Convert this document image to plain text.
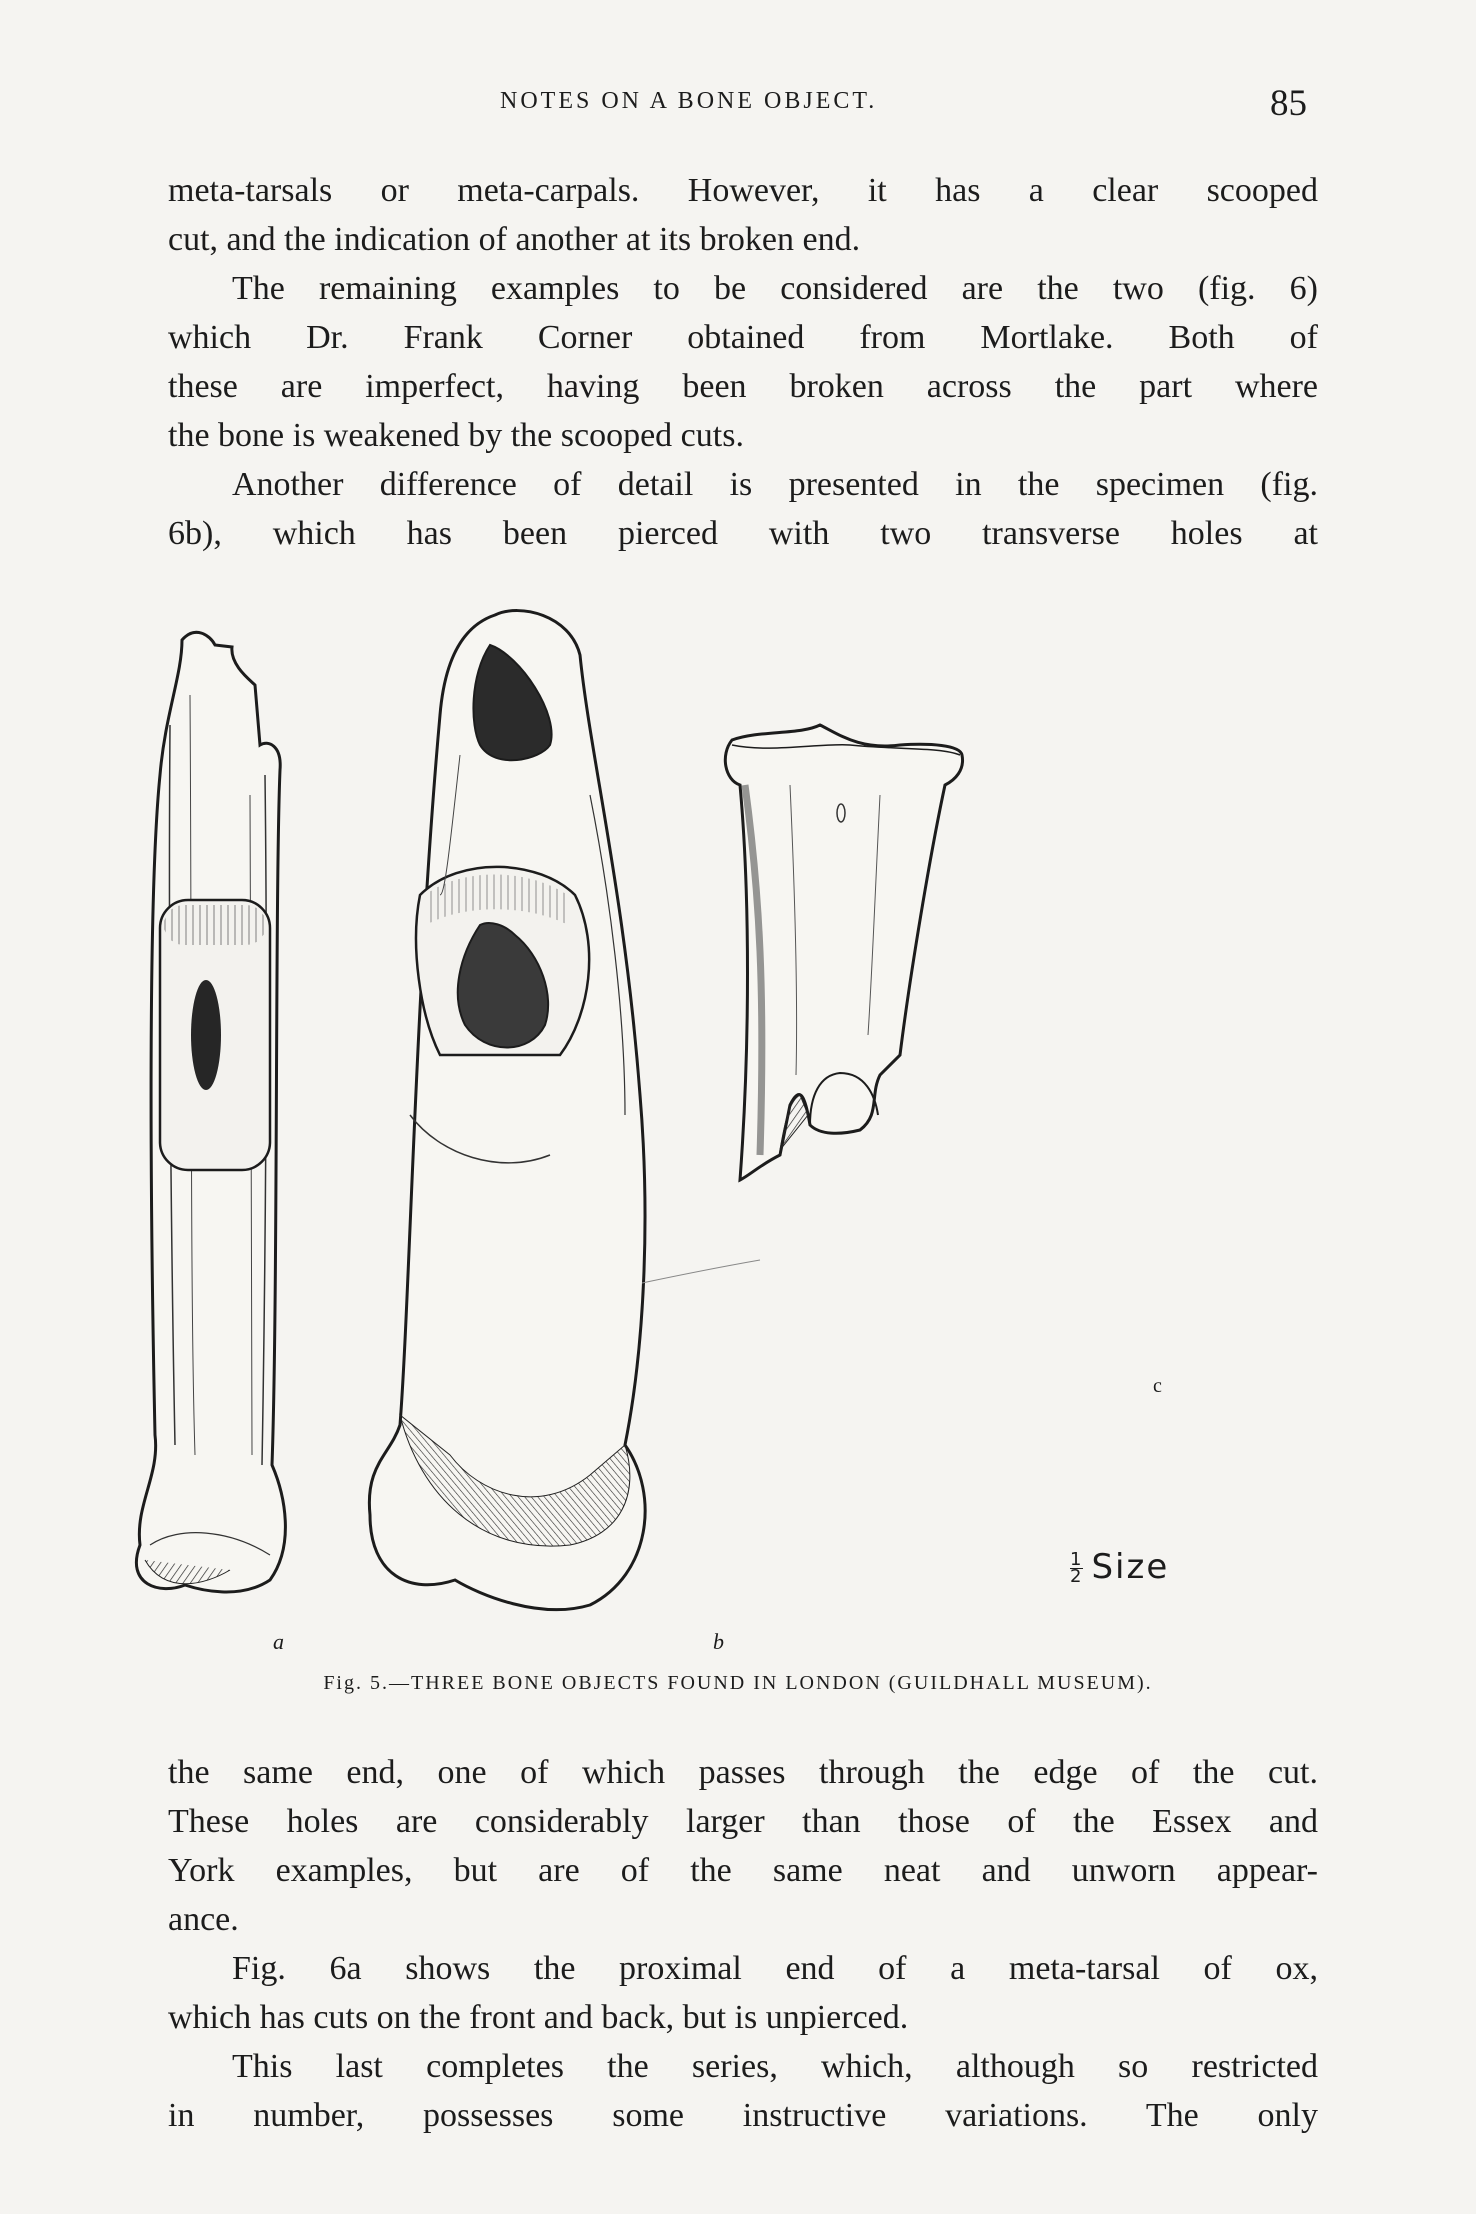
NOTES ON A BONE OBJECT.	85

meta-tarsals or meta-carpals. However, it has a clear scooped
cut, and the indication of another at its broken end.

The remaining examples to be considered are the two (fig. 6)
which Dr. Frank Corner obtained from Mortlake. Both of
these are imperfect, having been broken across the part where
the bone is weakened by the scooped cuts.

Another difference of detail is presented in the specimen (fig.
6b), which has been pierced with two transverse holes at

a	b
c
$\frac{1}{2}$ Size
Fig. 5.—THREE BONE OBJECTS FOUND IN LONDON (GUILDHALL MUSEUM).

the same end, one of which passes through the edge of the cut.
These holes are considerably larger than those of the Essex and
York examples, but are of the same neat and unworn appear-
ance.

Fig. 6a shows the proximal end of a meta-tarsal of ox,
which has cuts on the front and back, but is unpierced.

This last completes the series, which, although so restricted
in number, possesses some instructive variations. The only
